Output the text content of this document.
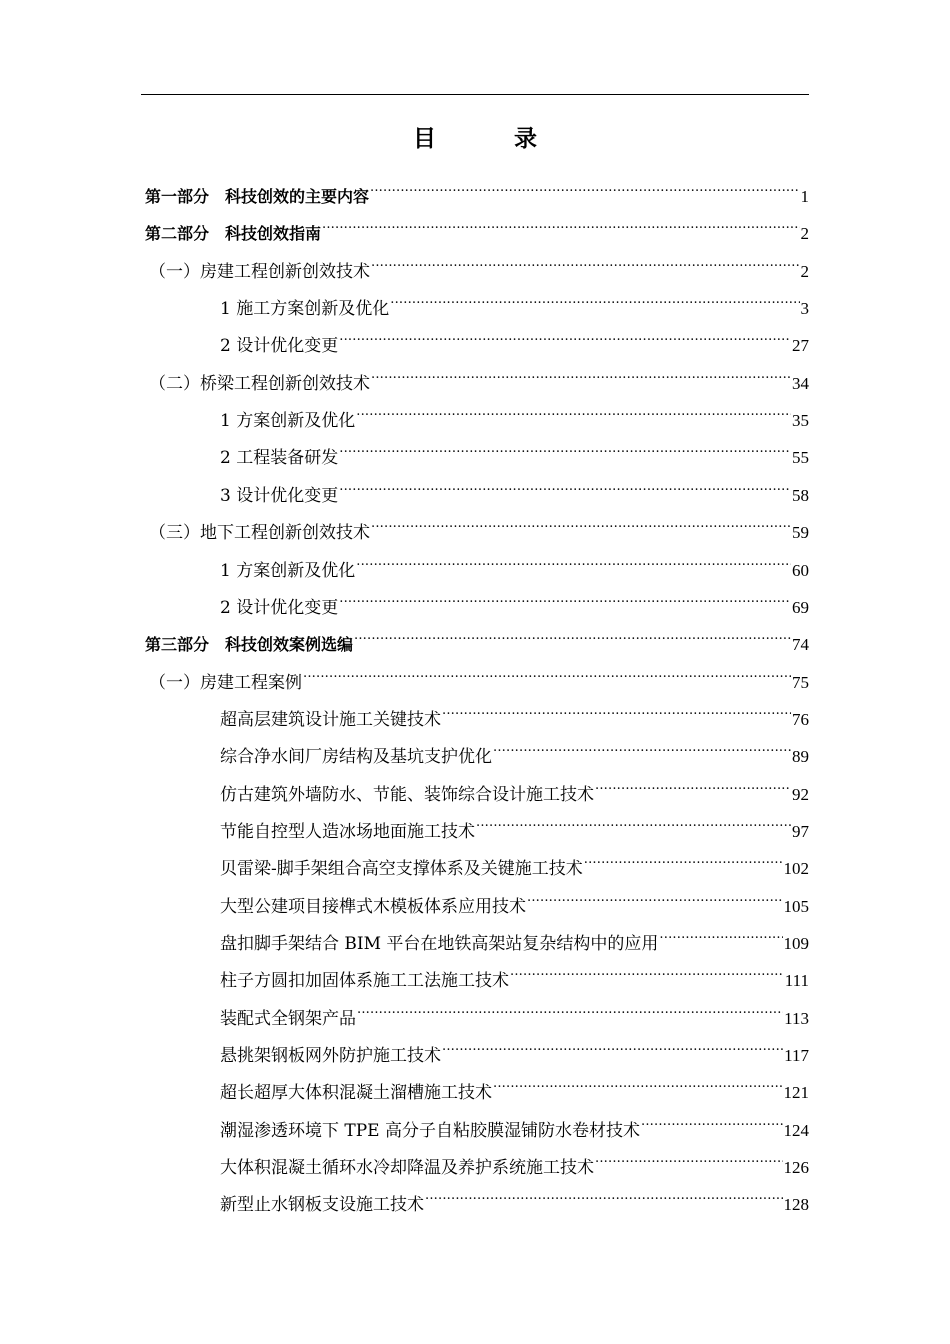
目	录
第一部分　科技创效的主要内容 .....	1
第二部分　科技创效指南 .....	2
（一）房建工程创新创效技术 .....	2
1 施工方案创新及优化 .....	3
2 设计优化变更 .....	27
（二）桥梁工程创新创效技术 .....	34
1 方案创新及优化 .....	35
2 工程装备研发 .....	55
3 设计优化变更 .....	58
（三）地下工程创新创效技术 .....	59
1 方案创新及优化 .....	60
2 设计优化变更 .....	69
第三部分　科技创效案例选编 .....	74
（一）房建工程案例 .....	75
超高层建筑设计施工关键技术 .....	76
综合净水间厂房结构及基坑支护优化 .....	89
仿古建筑外墙防水、节能、装饰综合设计施工技术 .....	92
节能自控型人造冰场地面施工技术 .....	97
贝雷梁-脚手架组合高空支撑体系及关键施工技术 .....	102
大型公建项目接榫式木模板体系应用技术 .....	105
盘扣脚手架结合 BIM 平台在地铁高架站复杂结构中的应用 .....	109
柱子方圆扣加固体系施工工法施工技术 .....	111
装配式全钢架产品 .....	113
悬挑架钢板网外防护施工技术 .....	117
超长超厚大体积混凝土溜槽施工技术 .....	121
潮湿渗透环境下 TPE 高分子自粘胶膜湿铺防水卷材技术 .....	124
大体积混凝土循环水冷却降温及养护系统施工技术 .....	126
新型止水钢板支设施工技术 .....	128
